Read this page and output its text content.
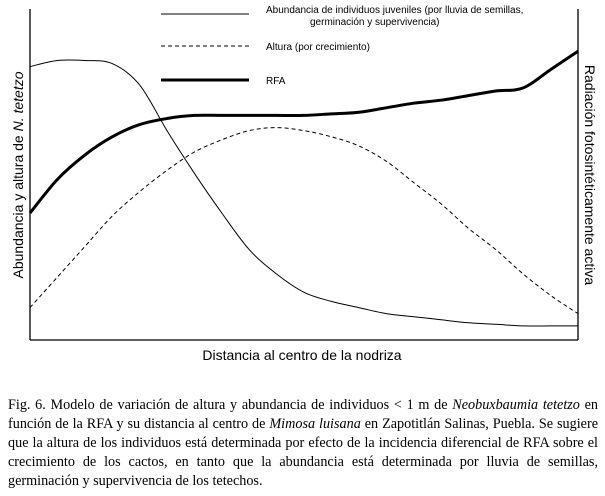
Abundancia de individuos juveniles (por lluvia de semillas,
germinación y supervivencia)
Altura (por crecimiento)
RFA
Distancia al centro de la nodriza
Abundancia y altura de N. tetetzo	Radiación fotosintéticamente activa

Fig. 6. Modelo de variación de altura y abundancia de individuos < 1 m de Neobuxbaumia tetetzo en función de la RFA y su distancia al centro de Mimosa luisana en Zapotitlán Salinas, Puebla. Se sugiere que la altura de los individuos está determinada por efecto de la incidencia diferencial de RFA sobre el crecimiento de los cactos, en tanto que la abundancia está determinada por lluvia de semillas, germinación y supervivencia de los tetechos.
